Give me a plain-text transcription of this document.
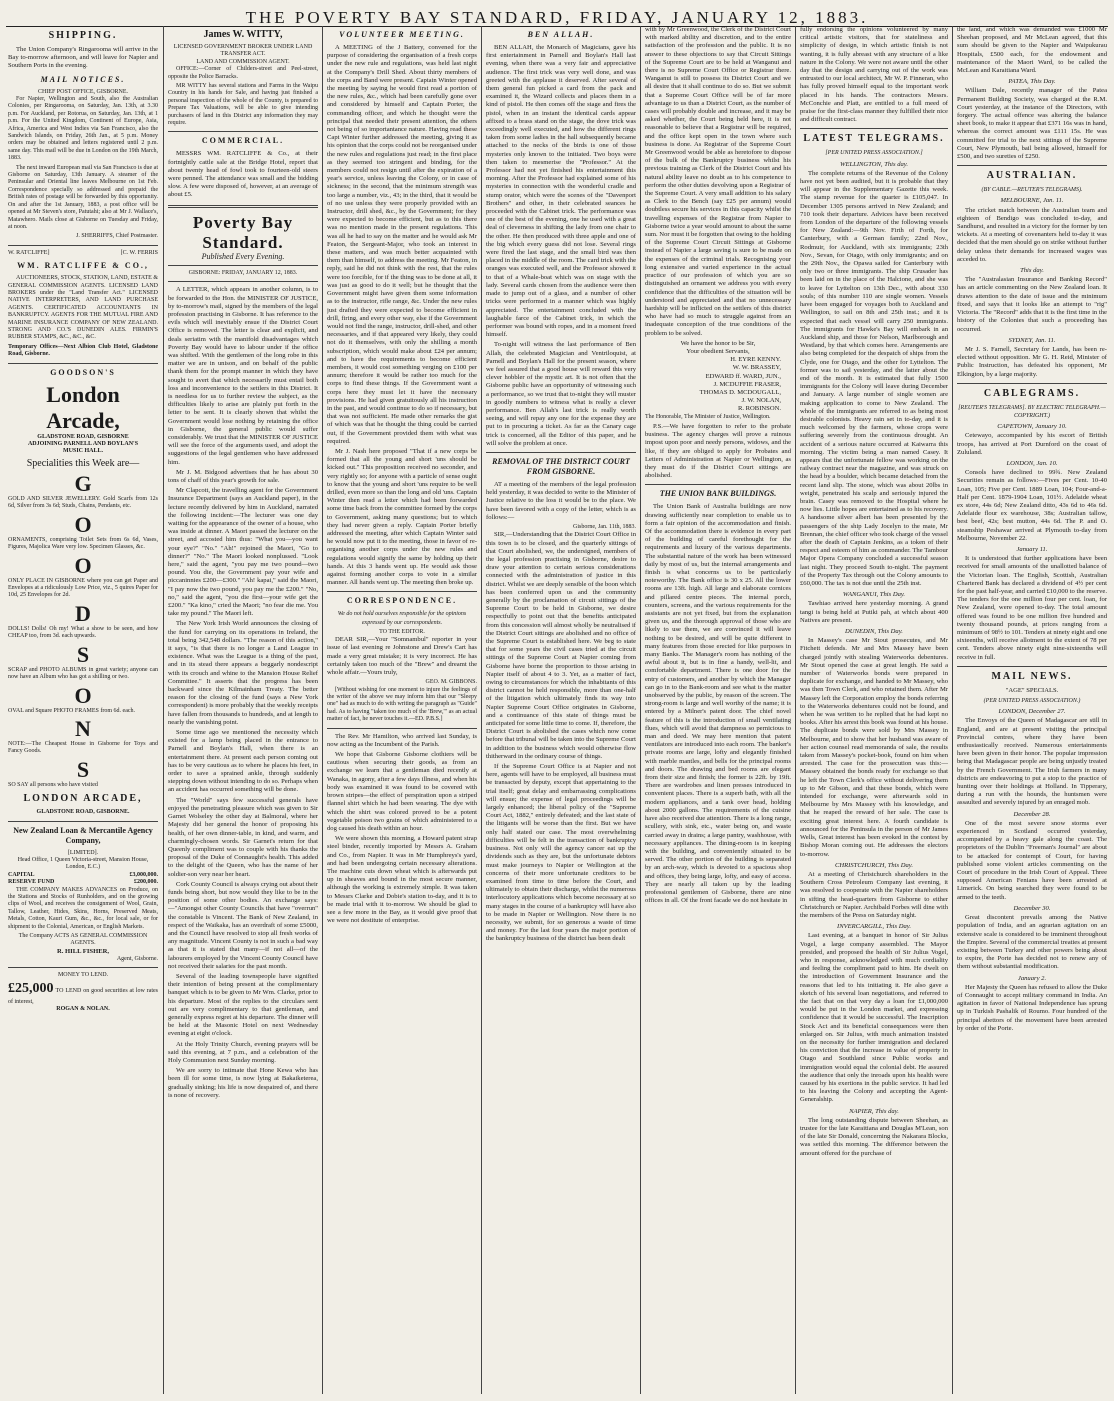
THE POVERTY BAY STANDARD, FRIDAY, JANUARY 12, 1883.
SHIPPING.

The Union Company's Ringarooma will arrive in the Bay to-morrow afternoon, and will leave for Napier and Southern Ports in the evening.

MAIL NOTICES.
CHIEF POST OFFICE, GISBORNE.

For Napier, Wellington and South, also the Australian Colonies, per Ringarooma, on Saturday, Jan. 13th, at 3.30 p.m. For Auckland, per Rotorua, on Saturday, Jan. 13th, at 1 p.m. For the United Kingdom, Continent of Europe, Asia, Africa, America and West Indies via San Francisco, also the Sandwich Islands, on Friday, 26th Jan., at 5 p.m. Money orders may be obtained and letters registered until 2 p.m. same day. This mail will be due in London on the 19th March, 1883.

The next inward European mail via San Francisco is due at Gisborne on Saturday, 13th January. A steamer of the Peninsular and Oriental line leaves Melbourne on 1st Feb. Correspondence specially so addressed and prepaid the British rates of postage will be forwarded by this opportunity. On and after the 1st January, 1883, a post office will be opened at Mr Steven's store, Patutahi; also at Mr J. Wallace's, Matawhero. Mails close at Gisborne on Tuesday and Friday, at noon.

J. SHERRIFFS, Chief Postmaster.
W. RATCLIFFE]	[C. W. FERRIS
WM. RATCLIFFE & CO.,

AUCTIONEERS, STOCK, STATION, LAND, ESTATE & GENERAL COMMISSION AGENTS. LICENSED LAND BROKERS under the "Land Transfer Act." LICENSED NATIVE INTERPRETERS, AND LAND PURCHASE AGENTS. CERTIFICATED ACCOUNTANTS IN BANKRUPTCY. AGENTS FOR THE MUTUAL FIRE AND MARINE INSURANCE COMPANY OF NEW ZEALAND. STRONG AND CO.'S DUNEDIN ALES. FIRMIN'S RUBBER STAMPS, &C., &C., &C.

Temporary Offices—Next Albion Club Hotel, Gladstone Road, Gisborne.

GOODSON'S
London Arcade,
GLADSTONE ROAD, GISBORNE
ADJOINING PARNELL AND BOYLAN'S
MUSIC HALL.
Specialities this Week are—
G

GOLD AND SILVER JEWELLERY. Gold Scarfs from 12s 6d, Silver from 3s 6d; Studs, Chains, Pendants, etc.

O

ORNAMENTS, comprising Toilet Sets from 6s 6d, Vases, Figures, Majolica Ware very low. Specimen Glasses, &c.

O

ONLY PLACE IN GISBORNE where you can get Paper and Envelopes at a ridiculously Low Price, viz., 5 quires Paper for 10d, 25 Envelopes for 2d.

D

DOLLS! Dolls! Oh my! What a show to be seen, and how CHEAP too, from 3d. each upwards.

S

SCRAP and PHOTO ALBUMS in great variety; anyone can now have an Album who has got a shilling or two.

O

OVAL and Square PHOTO FRAMES from 6d. each.

N

NOTE:—The Cheapest House in Gisborne for Toys and Fancy Goods.

S

SO SAY all persons who have visited

LONDON ARCADE,
GLADSTONE ROAD, GISBORNE.
New Zealand Loan & Mercantile Agency Company,
[LIMITED].
Head Office, 1 Queen Victoria-street, Mansion House, London, E.C.)
CAPITAL	£3,000,000.
RESERVE FUND	£200,000.

THE COMPANY MAKES ADVANCES on Produce, on the Stations and Stocks of Runholders, and on the growing clips of Wool, and receives the consignment of Wool, Grain, Tallow, Leather, Hides, Skins, Horns, Preserved Meats, Metals, Cotton, Kauri Gum, &c., &c., for local sale, or for shipment to the Colonial, American, or English Markets.

The Company ACTS AS GENERAL COMMISSION AGENTS.
R. HILL FISHER,
Agent, Gisborne.
MONEY TO LEND.
£25,000 TO LEND on good securities at low rates of interest,
ROGAN & NOLAN.
James W. WITTY,
LICENSED GOVERNMENT BROKER UNDER LAND TRANSFER ACT.
LAND AND COMMISSION AGENT.

OFFICE:—Corner of Childers-street and Peel-street, opposite the Police Barracks.

MR WITTY has several stations and Farms in the Waipu Country in his hands for Sale, and having just finished a personal inspection of the whole of the County, is prepared to Prepare Tax Valuations, will be able to give intending purchasers of land in this District any information they may require.

COMMERCIAL.

MESSRS WM. RATCLIFFE & Co., at their fortnightly cattle sale at the Bridge Hotel, report that about twenty head of fowl took to fourteen-old steers were penned. The attendance was small and the bidding slow. A few were disposed of, however, at an average of about £5.

Poverty Bay Standard.
Published Every Evening.
GISBORNE: FRIDAY, JANUARY 12, 1883.

A LETTER, which appears in another column, is to be forwarded to the Hon. the MINISTER OF JUSTICE, by to-morrow's mail, signed by the members of the legal profession practising in Gisborne. It has reference to the evils which will inevitably ensue if the District Court Office is removed. The letter is clear and explicit, and deals seriatim with the manifold disadvantages which Poverty Bay would have to labour under if the office was shifted. With the gentlemen of the long robe in this matter we are in unison, and on behalf of the public thank them for the prompt manner in which they have sought to avert that which necessarily must entail both loss and inconvenience to the settlers in this District. It is needless for us to further review the subject, as the difficulties likely to arise are plainly put forth in the letter to be sent. It is clearly shown that whilst the Government would lose nothing by retaining the office in Gisborne, the general public would suffer considerably. We trust that the MINISTER OF JUSTICE will see the force of the arguments used, and adopt the suggestions of the legal gentlemen who have addressed him.

Mr J. M. Bidgood advertises that he has about 30 tons of chaff of this year's growth for sale.

Mr Clapcott, the travelling agent for the Government Insurance Department (says an Auckland paper), in the lecture recently delivered by him in Auckland, narrated the following incident:—The lecturer was one day waiting for the appearance of the owner of a house, who was inside at dinner. A Maori passed the lecturer on the street, and accosted him thus: "What you—you want your eye?" "No." "Ah!" rejoined the Maori, "Go to dinner?" "No." The Maori looked nonplussed. "Look here," said the agent, "you pay me two pound—two pound. You die, the Government pay your wife and piccaninnies £200—£300." "Ah! kapai," said the Maori, "I pay now the two pound, you pay me the £200." "No, no," said the agent, "you die first—your wife get the £200." "Ka kino," cried the Maori; "no fear die me. You take my pound." The Maori left.

The New York Irish World announces the closing of the fund for carrying on its operations in Ireland, the total being 342,548 dollars. "The reason of this action," it says, "is that there is no longer a Land League in existence. What was the League is a thing of the past, and in its stead there appears a beggarly nondescript with its crouch and whine to the Mansion House Relief Committee." It asserts that the progress has been backward since the Kilmainham Treaty. The better reason for the closing of the fund (says a New York correspondent) is more probably that the weekly receipts have fallen from thousands to hundreds, and at length to nearly the vanishing point.

Some time ago we mentioned the necessity which existed for a lamp being placed in the entrance to Parnell and Boylan's Hall, when there is an entertainment there. At present each person coming out has to be very cautious as to where he places his feet, in order to save a sprained ankle, through suddenly stepping down without intending to do so. Perhaps when an accident has occurred something will be done.

The "World" says few successful generals have enjoyed the penetrating pleasure which was given to Sir Garnet Wolseley the other day at Balmoral, where her Majesty did her general the honor of proposing his health, of her own dinner-table, in kind, and warm, and charmingly-chosen words. Sir Garnet's return for that Queenly compliment was to couple with his thanks the proposal of the Duke of Connaught's health. This added to the delight of the Queen, who has the name of her soldier-son very near her heart.

Cork County Council is always crying out about their funds being short, but now would they like to be in the position of some other bodies. An exchange says:—"Amongst other County Councils that have "overrun" the constable is Vincent. The Bank of New Zealand, in respect of the Waikaka, has an overdraft of some £5000, and the Council have resolved to stop all fresh works of any magnitude. Vincent County is not in such a bad way as that it is stated that many—if not all—of the labourers employed by the Vincent County Council have not received their salaries for the past month.

Several of the leading townspeople have signified their intention of being present at the complimentary banquet which is to be given to Mr Wm. Clarke, prior to his departure. Most of the replies to the circulars sent out are very complimentary to that gentleman, and generally express regret at his departure. The dinner will be held at the Masonic Hotel on next Wednesday evening at eight o'clock.

At the Holy Trinity Church, evening prayers will be said this evening, at 7 p.m., and a celebration of the Holy Communion next Sunday morning.

We are sorry to intimate that Hone Kewa who has been ill for some time, is now lying at Bakaiketerea, gradually sinking; his life is now despaired of, and there is none of recovery.

VOLUNTEER MEETING.

A MEETING of the J Battery, convened for the purpose of considering the organisation of a fresh corps under the new rule and regulations, was held last night at the Company's Drill Shed. About thirty members of the corps and Band were present. Captain Winter opened the meeting by saying he would first read a portion of the new rules, &c., which had been carefully gone over and considered by himself and Captain Porter, the commanding officer, and which he thought were the principal that needed their present attention, the others not being of so importantance nature. Having read these Capt Winter further addressed the meeting, giving it as his opinion that the corps could not be reorganised under the new rules and regulations just read; in the first place as they seemed too stringent and binding, for the members could not resign until after the expiration of a year's service, unless leaving the Colony, or in case of sickness; in the second, that the minimum strength was too large a number, viz., 43; in the third, that it would be of no use unless they were properly provided with an Instructor, drill shed, &c., by the Government; for they were expected to become efficient, but as to this there was no mention made in the present regulations. This was all he had to say on the matter and he would ask Mr Featon, the Sergeant-Major, who took an interest in these matters, and was much better acquainted with them than himself, to address the meeting. Mr Featon, in reply, said he did not think with the rest, that the rules were too forcible, for if the thing was to be done at all, it was just as good to do it well; but he thought that the Government might have given them some information as to the instructor, rifle range, &c. Under the new rules just drafted they were expected to become efficient in drill, firing, and every other way, else if the Government would not find the range, instructor, drill-shed, and other necessaries, and if that appeared very likely, they could not do it themselves, with only the shilling a month subscription, which would make about £24 per annum; and to have the requirements to become efficient members, it would cost something verging on £100 per annum; therefore it would be rather too much for the corps to find these things. If the Government want a corps here they must let it have the necessary provisions. He had given gratuitously all his instruction in the past, and would continue to do so if necessary, but that was not sufficient. He made other remarks the gist of which was that he thought the thing could be carried out, if the Government provided them with what was required.

Mr J. Nash here proposed "That if a new corps be formed that all the young and short 'uns should be kicked out." This proposition received no seconder, and very rightly so; for anyone with a particle of sense ought to know that the young and short 'uns require to be well drilled, even more so than the long and old 'uns. Captain Winter then read a letter which had been forwarded some time back from the committee formed by the corps to Government, asking many questions; but to which they had never given a reply. Captain Porter briefly addressed the meeting, after which Captain Winter said he would now put it to the meeting, those in favor of re-organising another corps under the new rules and regulations would signify the same by holding up their hands. At this 3 hands went up. He would ask those against forming another corps to vote in a similar manner. All hands went up. The meeting then broke up.

CORRESPONDENCE.
We do not hold ourselves responsible for the opinions expressed by our correspondents.
TO THE EDITOR.

DEAR SIR,—Your "Somnambul" reporter in your issue of last evening re Johnstone and Drew's Cart has made a very great mistake; it is very incorrect. He has certainly taken too much of the "Brew" and dreamt the whole affair.—Yours truly,

GEO. M. GIBBONS.

[Without wishing for one moment to injure the feelings of the writer of the above we may inform him that our "Sleepy one" had as much to do with writing the paragraph as "Guide" had. As to having "taken too much of the 'Brew,'" as an actual matter of fact, he never touches it.—ED. P.B.S.]

The Rev. Mr Hamilton, who arrived last Sunday, is now acting as the Incumbent of the Parish.

We hope that Gisborne Gisborne clothiers will be cautious when securing their goods, as from an exchange we learn that a gentleman died recently at Wanaka, in agony, after a few days illness, and when his body was examined it was found to be covered with brown stripes—the effect of perspiration upon a striped flannel shirt which he had been wearing. The dye with which the shirt was colored proved to be a potent vegetable poison two grains of which administered to a dog caused his death within an hour.

We were shown this morning, a Howard patent strap steel binder, recently imported by Messrs A. Graham and Co., from Napier. It was in Mr Humphreys's yard, and had been undergoing certain necessary alterations. The machine cuts down wheat which is afterwards put up in sheaves and bound in the most secure manner, although the working is extremely simple. It was taken to Messrs Clarke and Dobie's station to-day, and it is to be made trial with it to-morrow. We should be glad to see a few more in the Bay, as it would give proof that we were not destitute of enterprise.

BEN ALLAH.

BEN ALLAH, the Monarch of Magicians, gave his first entertainment in Parnell and Boylan's Hall last evening, when there was a very fair and appreciative audience. The first trick was very well done, and was greeted with the applause it deserved. After several of them general fun picked a card from the pack and examined it, the Wizard collects and places them in a kind of pistol. He then comes off the stage and fires the pistol, when in an instant the identical cards appear affixed to a brass stand on the stage, the dove trick was exceedingly well executed, and how the different rings taken from some ladies in the hall subsequently became attached to the necks of the birds is one of those mysteries only known to the initiated. Two boys were then taken to mesmerise the "Professor." At the Professor had not yet finished his entertainment this morning. After the Professor had explained some of his mysteries in connection with the wonderful cradle and stump orator, which were the scenes of the "Davenport Brothers" and other, in their celebrated seances he proceeded with the Cabinet trick. The performance was one of the best of the evening, one he used with a great deal of cleverness in shifting the lady from one chair to the other. He then produced with three apple and one of the big which every guess did not lose. Several rings were fired the last stage, and the small bird was then placed in the middle of the room. The card trick with the oranges was executed well, and the Professor showed it to that of a Whale-boat which was on stage with the lady. Several cards chosen from the audience were then made to jump out of a glass, and a number of other tricks were performed in a manner which was highly appreciated. The entertainment concluded with the laughable farce of the Cabinet trick, in which the performer was bound with ropes, and in a moment freed himself.

To-night will witness the last performance of Ben Allah, the celebrated Magician and Ventriloquist, at Parnell and Boylan's Hall for the present season, where we feel assured that a good house will reward this very clever hobbler of the mystic art. It is not often that the Gisborne public have an opportunity of witnessing such a performance, so we trust that to-night they will muster in goodly numbers to witness what is really a clever performance. Ben Allah's last trick is really worth seeing, and will repay any one for the expense they are put to in procuring a ticket. As far as the Canary cage trick is concerned, all the Editor of this paper, and he will solve the problem at once.

REMOVAL OF THE DISTRICT COURT FROM GISBORNE.

AT a meeting of the members of the legal profession held yesterday, it was decided to write to the Minister of Justice relative to the loss it would be to the place. We have been favored with a copy of the letter, which is as follows:—

Gisborne, Jan. 11th, 1883.

SIR,—Understanding that the District Court Office in this town is to be closed, and the quarterly sittings of that Court abolished, we, the undersigned, members of the legal profession practising in Gisborne, desire to draw your attention to certain serious considerations connected with the administration of justice in this district. Whilst we are deeply sensible of the boon which has been conferred upon us and the community generally by the proclamation of circuit sittings of the Supreme Court to be held in Gisborne, we desire respectfully to point out that the benefits anticipated from this concession will almost wholly be neutralised if the District Court sittings are abolished and no office of the Supreme Court is established here. We beg to state that for some years the civil cases tried at the circuit sittings of the Supreme Court at Napier coming from Gisborne have borne the proportion to those arising in Napier itself of about 4 to 3. Yet, as a matter of fact, owing to circumstances for which the inhabitants of this district cannot be held responsible, more than one-half of the litigation which ultimately finds its way into Napier Supreme Court Office originates in Gisborne, and a continuance of this state of things must be anticipated for some little time to come. If, therefore, the District Court is abolished the cases which now come before that tribunal will be taken into the Supreme Court in addition to the business which would otherwise flow thitherward in the ordinary course of things.

If the Supreme Court Office is at Napier and not here, agents will have to be employed, all business must be transacted by deputy, except that appertaining to the trial itself; great delay and embarrassing complications will ensue; the expense of legal proceedings will be largely enhanced; the liberal policy of the "Supreme Court Act, 1882," entirely defeated; and the last state of the litigants will be worse than the first. But we have only half stated our case. The most overwhelming difficulties will be felt in the transaction of bankruptcy business. Not only will the agency cancer eat up the dividends such as they are, but the unfortunate debtors must make journeys to Napier or Wellington at the concerns of their more unfortunate creditors to be examined from time to time before the Court, and ultimately to obtain their discharge, whilst the numerous interlocutory applications which become necessary at so many stages in the course of a bankruptcy will have also to be made in Napier or Wellington. Now there is no necessity, we submit, for so generous a waste of time and money. For the last four years the major portion of the bankruptcy business of the district has been dealt

with by Mr Greenwood, the Clerk of the District Court with marked ability and discretion, and to the entire satisfaction of the profession and the public. It is no answer to these objections to say that Circuit Sittings of the Supreme Court are to be held at Wanganui and there is no Supreme Court Office or Registrar there. Wanganui is still to possess its District Court and we all desire that it shall continue to do so. But we submit that a Supreme Court Office will be of far more advantage to us than a District Court, as the number of cases will probably double and increase, and it may be asked whether, the Court being held here, it is not reasonable to believe that a Registrar will be required, and the office kept open in the town where such business is done. As Registrar of the Supreme Court Mr Greenwood would be able as heretofore to dispose of the bulk of the Bankruptcy business whilst his previous training as Clerk of the District Court and his natural ability leave no doubt as to his competence to perform the other duties devolving upon a Registrar of the Supreme Court. A very small addition to his salary as Clerk to the Bench (say £25 per annum) would doubtless secure his services in this capacity whilst the travelling expenses of the Registrar from Napier to Gisborne twice a year would amount to about the same sum. Nor must it be forgotten that owing to the holding of the Supreme Court Circuit Sittings at Gisborne instead of Napier a large saving is sure to be made on the expenses of the criminal trials. Recognising your long extensive and varied experience in the actual practice of our profession of which you are so distinguished an ornament we address you with every confidence that the difficulties of the situation will be understood and appreciated and that no unnecessary hardship will be inflicted on the settlers of this district who have had so much to struggle against from an inadequate conception of the true conditions of the problem to be solved.

We have the honor to be Sir,
Your obedient Servants,
H. EYRE KENNY.
W. W. BRASSEY,
EDWARD ff. WARD, JUN.,
J. MCDUFFIE FRASER,
THOMAS D. MCDOUGALL,
J. W. NOLAN,
R. ROBINSON.

The Honorable, The Minister of Justice, Wellington.

P.S.—We have forgotten to refer to the probate business. The agency charges will prove a ruinous impost upon poor and needy persons, widows, and the like, if they are obliged to apply for Probates and Letters of Administration at Napier or Wellington, as they must do if the District Court sittings are abolished.

THE UNION BANK BUILDINGS.

The Union Bank of Australia buildings are now drawing sufficiently near completion to enable us to form a fair opinion of the accommodation and finish. Of the accommodation there is evidence in every part of the building of careful forethought for the requirements and luxury of the various departments. The substantial nature of the work has been witnessed daily by most of us, but the internal arrangements and finish is what concerns us to be particularly noteworthy. The Bank office is 30 x 25. All the lower rooms are 13ft. high. All large and elaborate cornices and pillared centre pieces. The internal porch, counters, screens, and the various requirements for the assistants are not yet fixed, but from the explanation given us, and the thorough approval of those who are likely to use them, we are convinced it will leave nothing to be desired, and will be quite different in many features from those erected for like purposes in many Banks. The Manager's room has nothing of the awful about it, but is in fine a handy, well-lit, and comfortable department. There is one door for the entry of customers, and another by which the Manager can go in to the Bank-room and see what is the matter unobserved by the public, by reason of the screen. The strong-room is large and well worthy of the name; it is entered by a Milner's patent door. The chief novel feature of this is the introduction of small ventilating flues, which will avoid that dampness so pernicious to man and deed. We may here mention that patent ventilators are introduced into each room. The banker's private rooms are large, lofty and elegantly finished with marble mantles, and bells for the principal rooms and doors. The drawing and bed rooms are elegant from their size and finish; the former is 22ft. by 19ft. There are wardrobes and linen presses introduced in convenient places. There is a superb bath, with all the modern appliances, and a tank over head, holding about 2000 gallons. The requirements of the cuisine have also received due attention. There is a long range, scullery, with sink, etc., water being on, and waste carried away in drains; a large pantry, washhouse, with necessary appliances. The dining-room is in keeping with the building, and conveniently situated to be served. The other portion of the building is separated by an arch-way, which is devoted to a spacious shop and offices, they being large, lofty, and easy of access. They are nearly all taken up by the leading professional gentlemen of Gisborne, there are nine offices in all. Of the front facade we do not hesitate in

fully endorsing the opinions volunteered by many critical artistic visitors, that for stateliness and simplicity of design, in which artistic finish is not wanting, it is fully abreast with any structure of a like nature in the Colony. We were not aware until the other day that the design and carrying out of the work was entrusted to our local architect, Mr W. P. Finneran, who has fully proved himself equal to the important work placed in his hands. The contractors Messrs. McConchie and Platt, are entitled to a full meed of praise for the first-class manner they fulfilled their nice and difficult contract.

LATEST TELEGRAMS.
[PER UNITED PRESS ASSOCIATION.]
WELLINGTON, This day.

The complete returns of the Revenue of the Colony have not yet been audited, but it is probable that they will appear in the Supplementary Gazette this week. The stamp revenue for the quarter is £105,047. In December 1305 persons arrived in New Zealand; and 710 took their departure. Advices have been received from London of the departure of the following vessels for New Zealand:—9th Nov. Firth of Forth, for Canterbury, with a German family; 22nd Nov., Rodmuir, for Auckland, with six immigrants; 23th Nov., Sevan, for Otago, with only immigrants; and on the 29th Nov., the Opawa sailed for Canterbury with only two or three immigrants. The ship Crusader has been laid on in the place of the Halcione, and she was to leave for Lyttelton on 13th Dec., with about 330 souls; of this number 110 are single women. Vessels have been engaged for voyages both to Auckland and Wellington, to sail on 8th and 25th inst.; and it is expected that each vessel will carry 250 immigrants. The immigrants for Hawke's Bay will embark in an Auckland ship, and those for Nelson, Marlborough and Westland, by that which comes here. Arrangements are also being completed for the despatch of ships from the Clyde, one for Otago, and the other for Lyttelton. The former was to sail yesterday, and the latter about the end of the month. It is estimated that fully 1500 immigrants for the Colony will leave during December and January. A large number of single women are making application to come to New Zealand. The whole of the immigrants are referred to as being most desirable colonists. Heavy rain set in to-day, and it is much welcomed by the farmers, whose crops were suffering severely from the continuous drought. An accident of a serious nature occurred at Kaiwarra this morning. The victim being a man named Casey. It appears that the unfortunate fellow was working on the railway contract near the magazine, and was struck on the head by a boulder, which became detached from the recent land slip. The stone, which was about 20lbs in weight, penetrated his scalp and seriously injured the brain. Casey was removed to the Hospital where he now lies. Little hopes are entertained as to his recovery. A handsome silver albert has been presented by the passengers of the ship Lady Jocelyn to the mate, Mr Brennan, the chief officer who took charge of the vessel after the death of Captain Jenkins, as a token of their respect and esteem of him as commander. The Tambour Major Opera Company concluded a successful season last night. They proceed South to-night. The payment of the Property Tax through out the Colony amounts to £60,000. The tax is not due until the 25th inst.

WANGANUI, This Day.

Tawhiao arrived here yesterday morning. A grand tangi is being held at Putiki pah, at which about 400 Natives are present.

DUNEDIN, This Day.

In Massey's case Mr Stout prosecutes, and Mr Fitchett defends. Mr and Mrs Massey have been charged jointly with stealing Waterworks debentures. Mr Stout opened the case at great length. He said a number of Waterworks bonds were prepared in duplicate for exchange, and handed to Mr Massey, who was then Town Clerk, and who retained them. After Mr Massey left the Corporation employ the bonds referring to the Waterworks debentures could not be found, and when he was written to he replied that he had kept no books. After his arrest this book was found at his house. The duplicate bonds were sold by Mrs Massey in Melbourne, and to show that her husband was aware of her action counsel read memoranda of sale, the results taken from Massey's pocket-book, found on him when arrested. The case for the prosecution was this:—Massey obtained the bonds ready for exchange so that he left the Town Clerk's office without delivering them up to Mr Gibson, and that these bonds, which were intended for exchange, were afterwards sold in Melbourne by Mrs Massey with his knowledge, and that he reaped the reward of her sale. The case is exciting great interest here. A fourth candidate is announced for the Peninsula in the person of Mr James Wells, Great interest has been evoked in the contest by Bishop Moran coming out. He addresses the electors to-morrow.

CHRISTCHURCH, This Day.

At a meeting of Christchurch shareholders in the Southern Cross Petroleum Company last evening, it was resolved to cooperate with the Napier shareholders in sifting the head-quarters from Gisborne to either Christchurch or Napier. Archibald Forbes will dine with the members of the Press on Saturday night.

INVERCARGILL, This Day.

Last evening, at a banquet in honor of Sir Julius Vogel, a large company assembled. The Mayor presided, and proposed the health of Sir Julius Vogel, who in response, acknowledged with much cordiality and feeling the compliment paid to him. He dwelt on the introduction of Government Insurance and the reasons that led to his initiating it. He also gave a sketch of his several loan negotiations, and referred to the fact that on that very day a loan for £1,000,000 would be put in the London market, and expressing confidence that it would be successful. The Inscription Stock Act and its beneficial consequences were then enlarged on. Sir Julius, with much animation insisted on the necessity for further immigration and declared his conviction that the increase in value of property in Otago and Southland since Public works and immigration would equal the colonial debt. He assured the audience that only the inroads upon his health were caused by his exertions in the public service. It had led to his leaving the Colony and accepting the Agent-Generalship.

NAPIER, This day.

The long outstanding dispute between Sheehan, as trustee for the late Karaitiana and Douglas M'Lean, son of the late Sir Donald, concerning the Nakarara Blocks, was settled this morning. The difference between the amount offered for the purchase of

the land, and which was demanded was £1000 Mr Sheehan proposed, and Mr McLean agreed, that this sum should be given to the Napier and Waipukurau Hospitals, £500 each, for the endowment and maintenance of the Maori Ward, to be called the McLean and Karaitiana Ward.

PATEA, This Day.

William Dale, recently manager of the Patea Permanent Building Society, was charged at the R.M. Court yesterday, at the instance of the Directors, with forgery. The actual offence was altering the balance sheet book, to make it appear that £371 16s was in hand, whereas the correct amount was £111 15s. He was committed for trial to the next sittings of the Supreme Court, New Plymouth, bail being allowed, himself for £500, and two sureties of £250.

AUSTRALIAN.
(BY CABLE.—REUTER'S TELEGRAMS).
MELBOURNE, Jan. 11.

The cricket match between the Australian team and eighteen of Bendigo was concluded to-day, and Sandhurst, and resulted in a victory for the former by ten wickets. At a meeting of covenanters held to-day it was decided that the men should go on strike without further delay unless their demands for increased wages was acceded to.

This day.

The "Australasian Insurance and Banking Record" has an article commenting on the New Zealand loan. It draws attention to the date of issue and the minimum fixed, and says that it looks like an attempt to "rig" Victoria. The "Record" adds that it is the first time in the history of the Colonies that such a proceeding has occurred.

SYDNEY, Jan. 11.

Mr J. S. Farnell, Secretary for Lands, has been re-elected without opposition. Mr G. H. Reid, Minister of Public Instruction, has defeated his opponent, Mr Elkington, by a large majority.

CABLEGRAMS.
[REUTER'S TELEGRAMS]. BY ELECTRIC TELEGRAPH.—COPYRIGHT.)
CAPETOWN, January 10.

Cetewayo, accompanied by his escort of British troops, has arrived at Port Durnford on the coast of Zululand.

LONDON, Jan. 10.

Consols have declined to 99¾. New Zealand Securities remain as follows:—Fives per Cent. 10-40 Loan, 105; Five per Cent. 1889 Loan, 104; Four-and-a-Half per Cent. 1879-1904 Loan, 101½. Adelaide wheat ex store, 44s 6d; New Zealand ditto, 43s 6d to 46s 6d. Adelaide flour ex warehouse, 38s; Australian tallow, best beef, 42s; best mutton, 44s 6d. The P. and O. steamship Peshawar arrived at Plymouth to-day from Melbourne, November 22.

January 11.

It is understood that further applications have been received for small amounts of the unallotted balance of the Victorian loan. The English, Scottish, Australian Chartered Bank has declared a dividend of 4½ per cent for the past half-year, and carried £10,000 to the reserve. The tenders for the one million four per cent. loan, for New Zealand, were opened to-day. The total amount offered was found to be one million five hundred and twenty thousand pounds, at prices ranging from a minimum of 98½ to 101. Tenders at ninety eight and one sixteenths, will receive allotment to the extent of 78 per cent. Tenders above ninety eight nine-sixteenths will receive in full.

MAIL NEWS.
"AGE" SPECIALS.
(PER UNITED PRESS ASSOCIATION.)
LONDON, December 27.

The Envoys of the Queen of Madagascar are still in England, and are at present visiting the principal Provincial centres, where they have been enthusiastically received. Numerous entertainments have been given in their honor. The popular impression being that Madagascar people are being unjustly treated by the French Government. The Irish farmers in many districts are endeavoring to put a stop to the practice of hunting over their holdings at Holland. In Tipperary, during a run with the hounds, the huntsmen were assaulted and severely injured by an enraged mob.

December 28.

One of the most severe snow storms ever experienced in Scotland occurred yesterday, accompanied by a heavy gale along the coast. The proprietors of the Dublin "Freeman's Journal" are about to be attacked for contempt of Court, for having published some violent articles commenting on the Court of procedure in the Irish Court of Appeal. Three supposed American Fenians have been arrested at Limerick. On being searched they were found to be armed to the teeth.

December 30.

Great discontent prevails among the Native population of India, and an agrarian agitation on an extensive scale is considered to be imminent throughout the Empire. Several of the commercial treaties at present existing between Turkey and other powers being about to expire, the Porte has decided not to renew any of them without substantial modification.

January 2.

Her Majesty the Queen has refused to allow the Duke of Connaught to accept military command in India. An agitation in favor of National Independence has sprung up in Turkish Pashalik of Roumo. Four hundred of the principal abettors of the movement have been arrested by order of the Porte.
